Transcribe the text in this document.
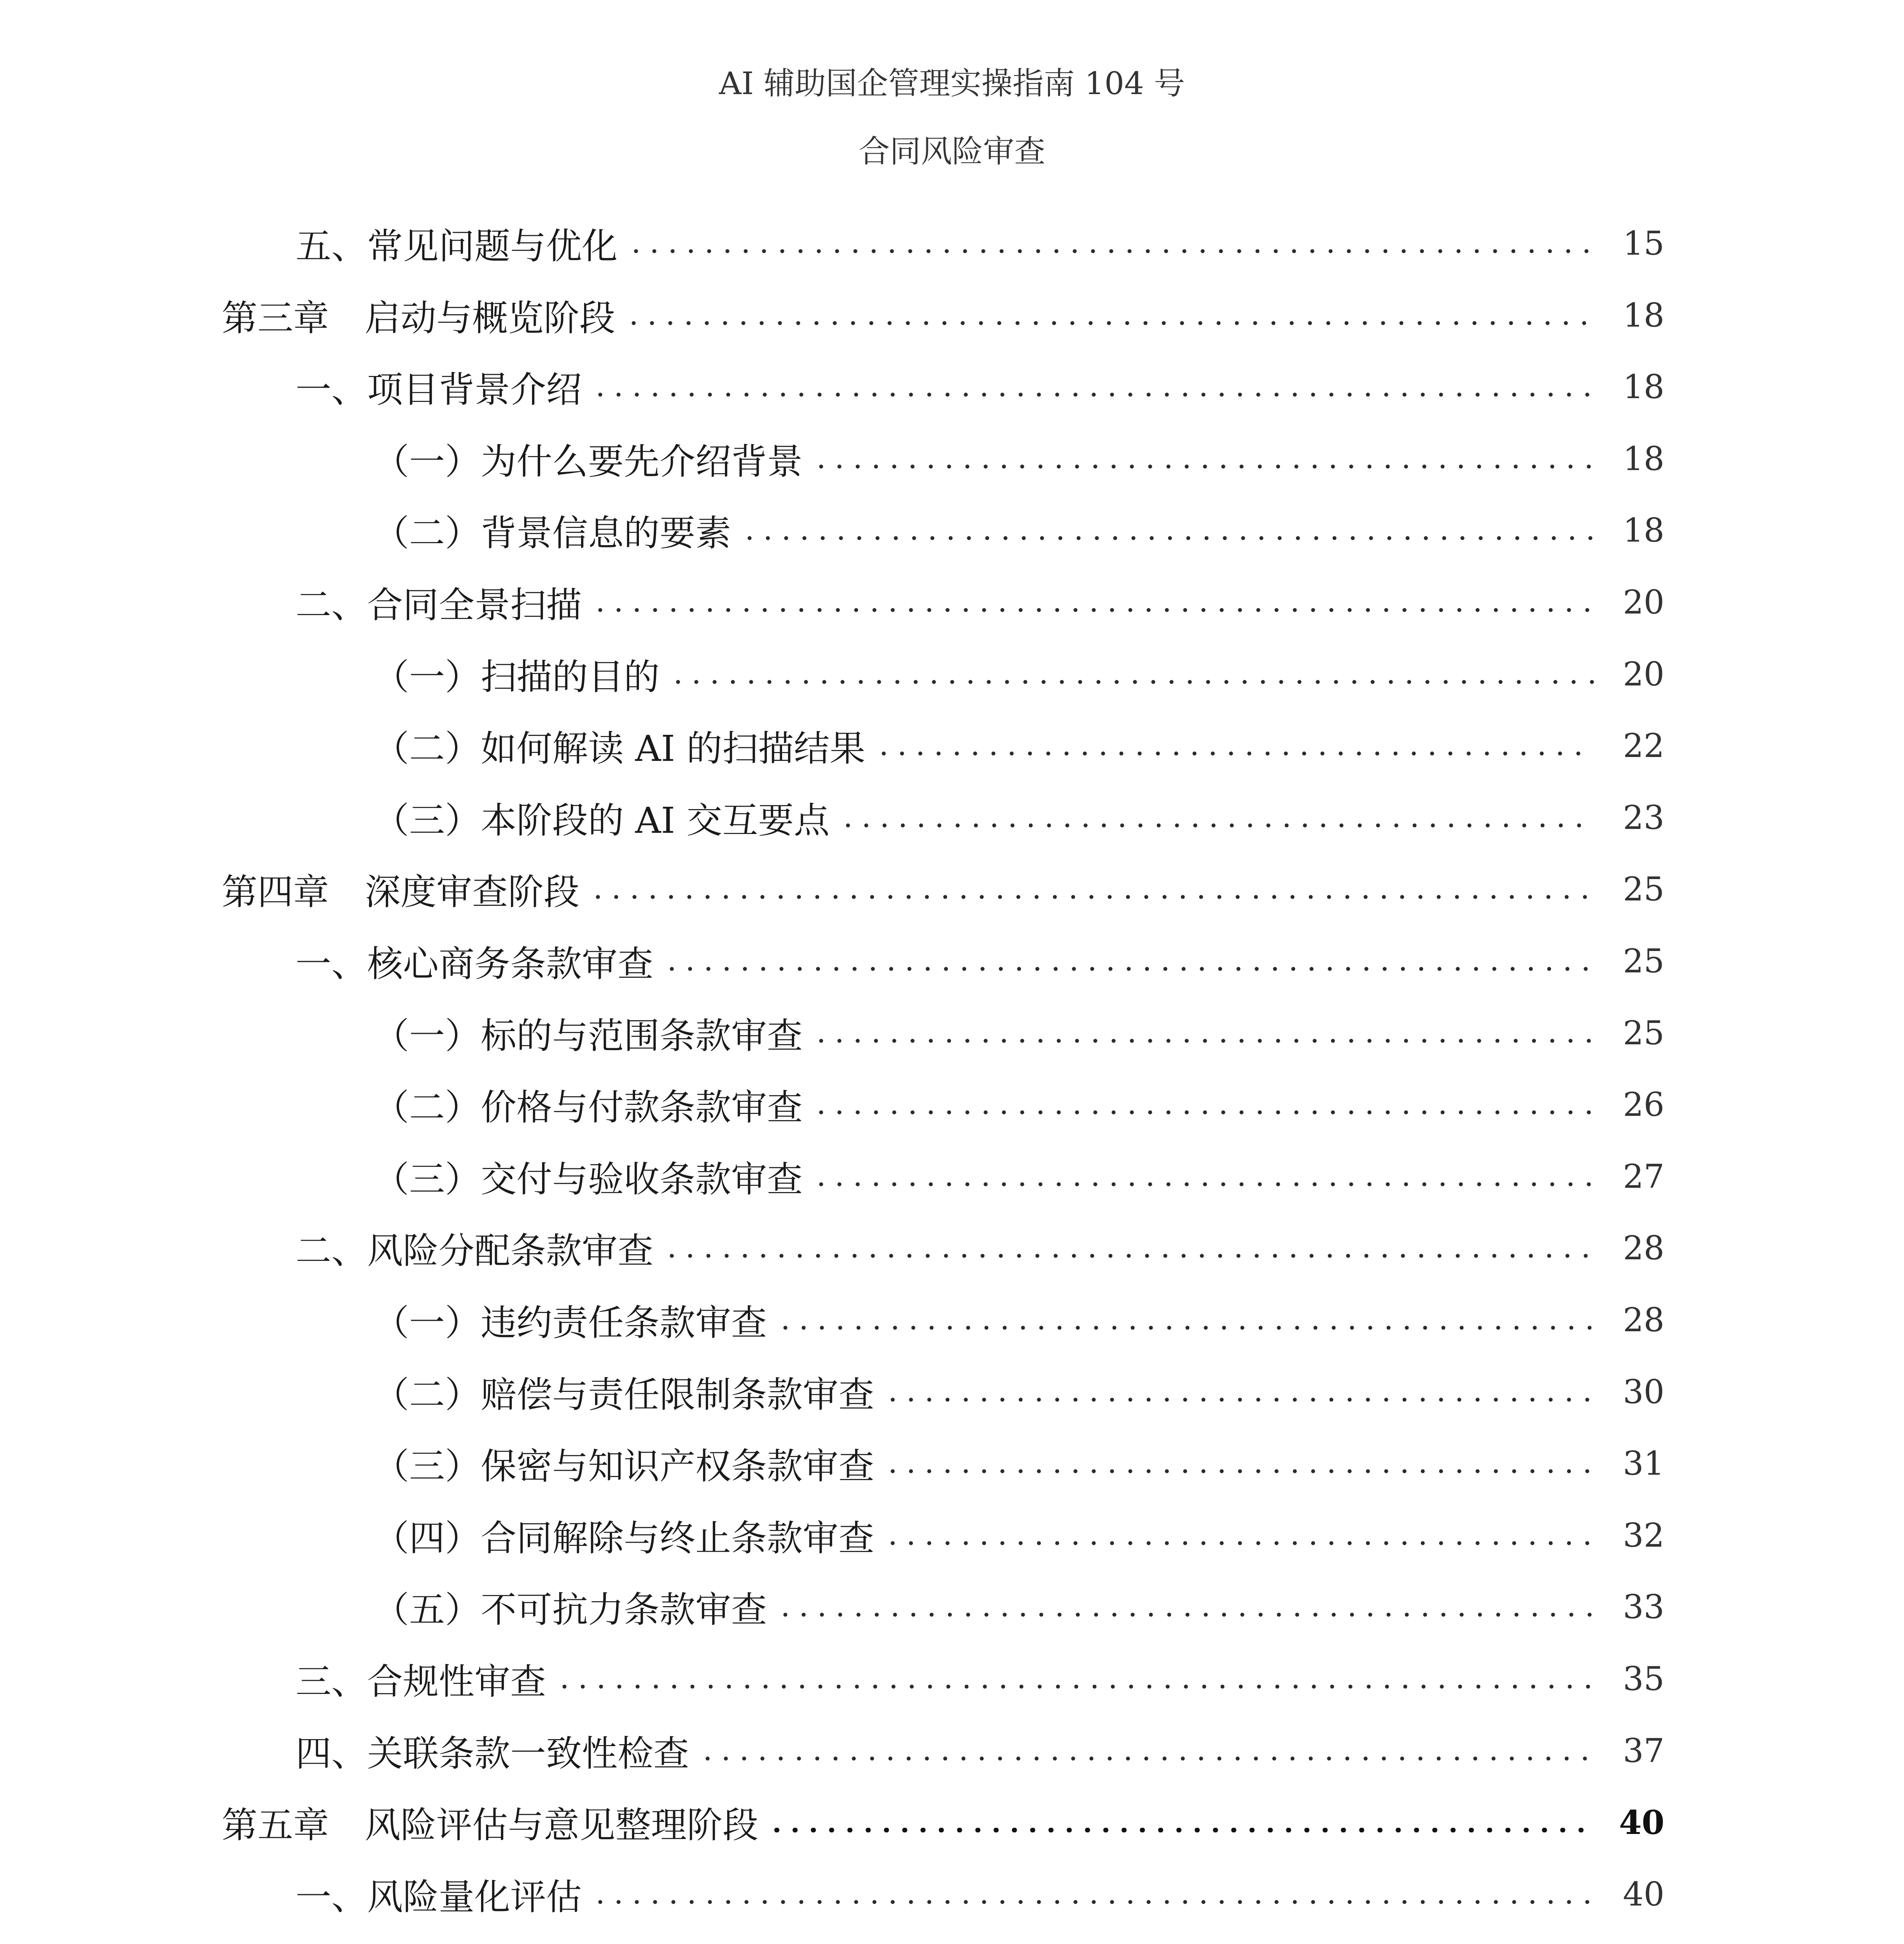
AI 辅助国企管理实操指南 104 号
合同风险审查
五、常见问题与优化	15
第三章　启动与概览阶段	18
一、项目背景介绍	18
（一）为什么要先介绍背景	18
（二）背景信息的要素	18
二、合同全景扫描	20
（一）扫描的目的	20
（二）如何解读 AI 的扫描结果	22
（三）本阶段的 AI 交互要点	23
第四章　深度审查阶段	25
一、核心商务条款审查	25
（一）标的与范围条款审查	25
（二）价格与付款条款审查	26
（三）交付与验收条款审查	27
二、风险分配条款审查	28
（一）违约责任条款审查	28
（二）赔偿与责任限制条款审查	30
（三）保密与知识产权条款审查	31
（四）合同解除与终止条款审查	32
（五）不可抗力条款审查	33
三、合规性审查	35
四、关联条款一致性检查	37
第五章　风险评估与意见整理阶段	40
一、风险量化评估	40
